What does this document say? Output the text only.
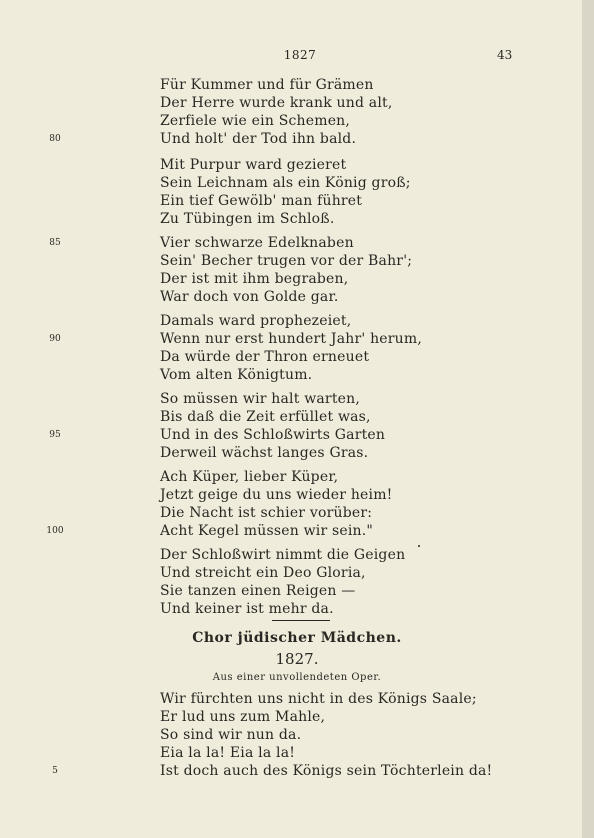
1827	43
Für Kummer und für Grämen
Der Herre wurde krank und alt,
Zerfiele wie ein Schemen,
Und holt' der Tod ihn bald.
80
Mit Purpur ward gezieret
Sein Leichnam als ein König groß;
Ein tief Gewölb' man führet
Zu Tübingen im Schloß.
Vier schwarze Edelknaben
85
Sein' Becher trugen vor der Bahr';
Der ist mit ihm begraben,
War doch von Golde gar.
Damals ward prophezeiet,
Wenn nur erst hundert Jahr' herum,
90
Da würde der Thron erneuet
Vom alten Königtum.
So müssen wir halt warten,
Bis daß die Zeit erfüllet was,
Und in des Schloßwirts Garten
95
Derweil wächst langes Gras.
Ach Küper, lieber Küper,
Jetzt geige du uns wieder heim!
Die Nacht ist schier vorüber:
Acht Kegel müssen wir sein."
100
Der Schloßwirt nimmt die Geigen
Und streicht ein Deo Gloria,
Sie tanzen einen Reigen —
Und keiner ist mehr da.
Chor jüdischer Mädchen.
1827.
Aus einer unvollendeten Oper.
Wir fürchten uns nicht in des Königs Saale;
Er lud uns zum Mahle,
So sind wir nun da.
Eia la la! Eia la la!
Ist doch auch des Königs sein Töchterlein da!
5
